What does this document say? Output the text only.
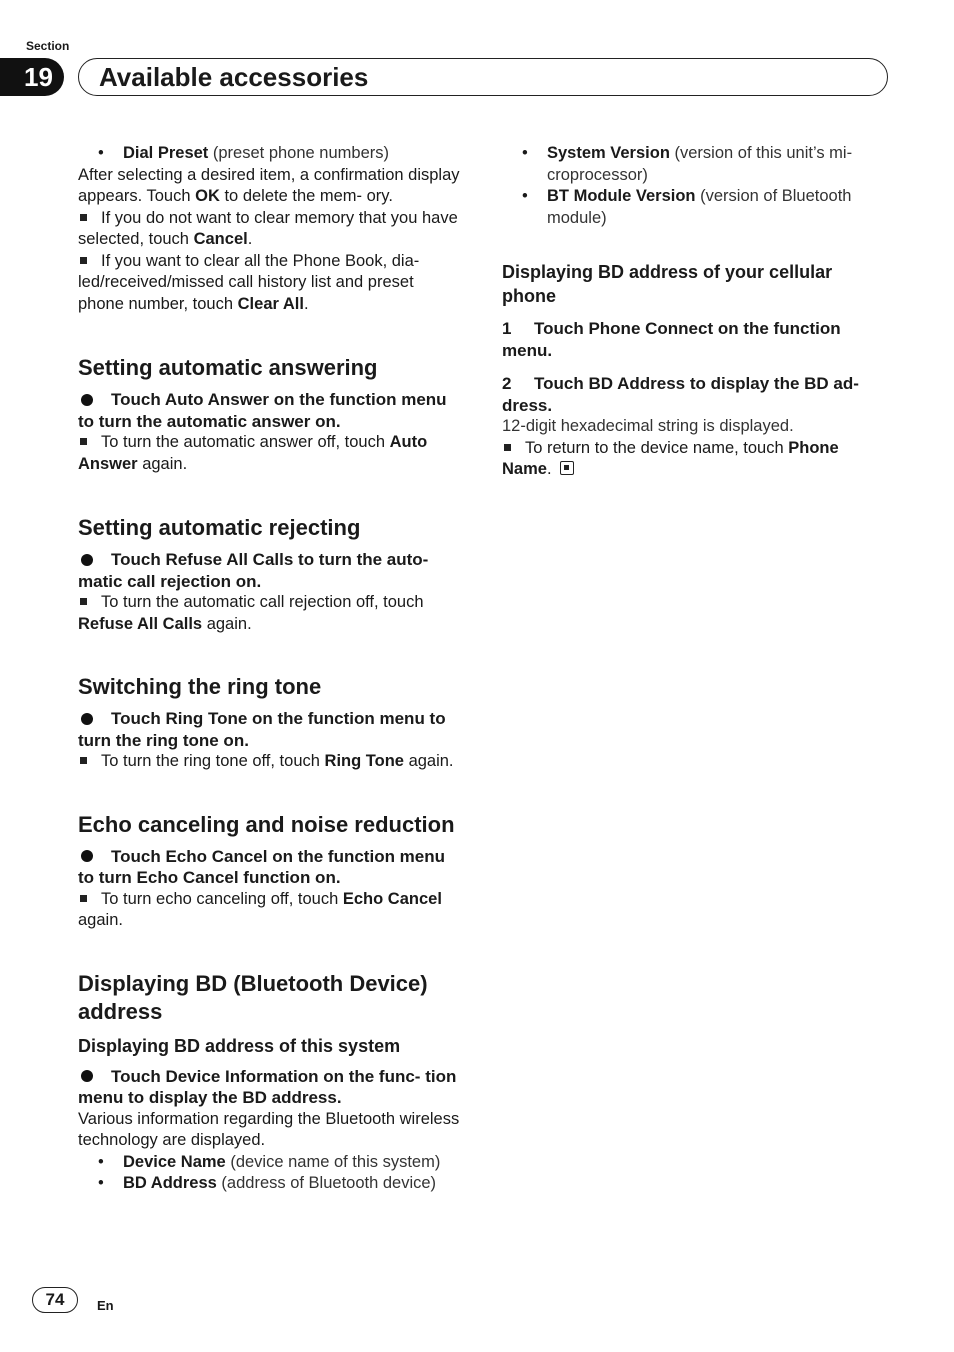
Section
19	Available accessories

• Dial Preset (preset phone numbers)

After selecting a desired item, a confirmation display appears. Touch OK to delete the mem- ory.

If you do not want to clear memory that you have selected, touch Cancel.

If you want to clear all the Phone Book, dia- led/received/missed call history list and preset phone number, touch Clear All.

Setting automatic answering

Touch Auto Answer on the function menu to turn the automatic answer on.

To turn the automatic answer off, touch Auto Answer again.

Setting automatic rejecting

Touch Refuse All Calls to turn the auto- matic call rejection on.

To turn the automatic call rejection off, touch Refuse All Calls again.

Switching the ring tone

Touch Ring Tone on the function menu to turn the ring tone on.

To turn the ring tone off, touch Ring Tone again.

Echo canceling and noise reduction

Touch Echo Cancel on the function menu to turn Echo Cancel function on.

To turn echo canceling off, touch Echo Cancel again.

Displaying BD (Bluetooth Device) address
Displaying BD address of this system

Touch Device Information on the func- tion menu to display the BD address.

Various information regarding the Bluetooth wireless technology are displayed.

• Device Name (device name of this system)

• BD Address (address of Bluetooth device)

• System Version (version of this unit’s mi- croprocessor)

• BT Module Version (version of Bluetooth module)

Displaying BD address of your cellular phone

1 Touch Phone Connect on the function menu.

2 Touch BD Address to display the BD ad- dress.

12-digit hexadecimal string is displayed.

To return to the device name, touch Phone Name.

74	En
